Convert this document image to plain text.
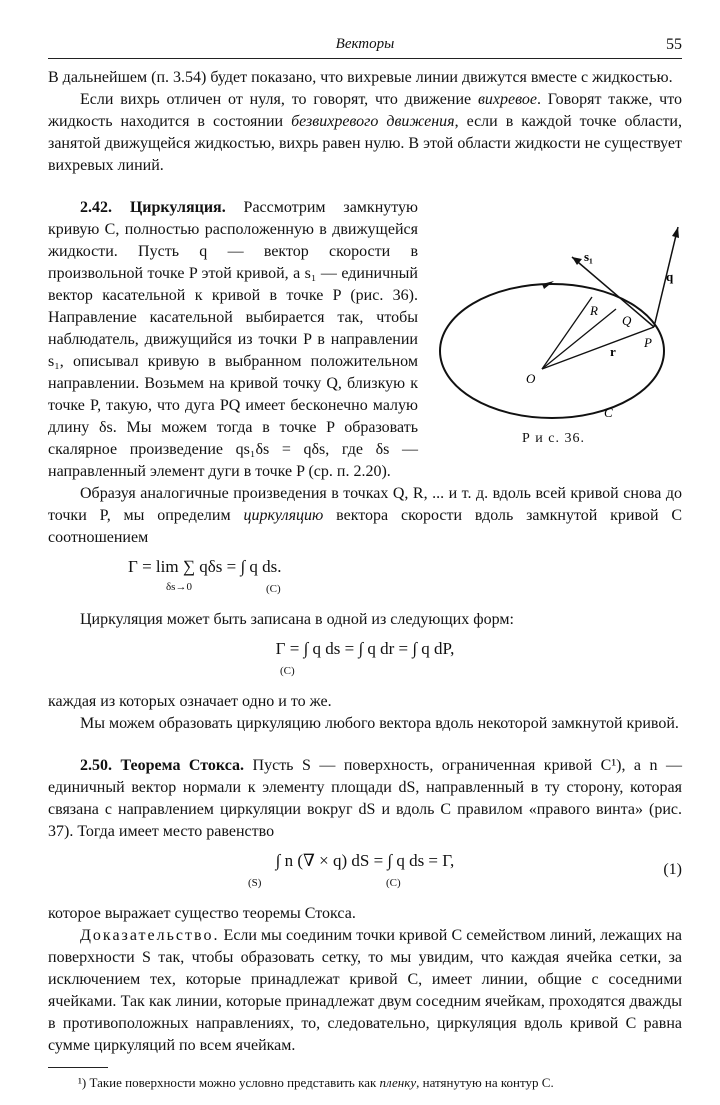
Векторы	55

В дальнейшем (п. 3.54) будет показано, что вихревые линии движутся вместе с жидкостью.

Если вихрь отличен от нуля, то говорят, что движение вихревое. Говорят также, что жидкость находится в состоянии безвихревого движения, если в каждой точке области, занятой движущейся жидкостью, вихрь равен нулю. В этой области жидкости не существует вихревых линий.

s₁
q
R
Q
P
r
O
C
Р и с. 36.

2.42. Циркуляция. Рассмотрим замкнутую кривую C, полностью расположенную в движущейся жидкости. Пусть q — вектор скорости в произвольной точке P этой кривой, а s₁ — единичный вектор касательной к кривой в точке P (рис. 36). Направление касательной выбирается так, чтобы наблюдатель, движущийся из точки P в направлении s₁, описывал кривую в выбранном положительном направлении. Возьмем на кривой точку Q, близкую к точке P, такую, что дуга PQ имеет бесконечно малую длину δs. Мы можем тогда в точке P образовать скалярное произведение qs₁δs = qδs, где δs — направленный элемент дуги в точке P (ср. п. 2.20).

Образуя аналогичные произведения в точках Q, R, ... и т. д. вдоль всей кривой снова до точки P, мы определим циркуляцию вектора скорости вдоль замкнутой кривой C соотношением

Γ = lim
δs→0
∑ qδs = ∫ q ds.
(C)

Циркуляция может быть записана в одной из следующих форм:

Γ = ∫ q ds = ∫ q dr = ∫ q dP,
(C)

каждая из которых означает одно и то же.

Мы можем образовать циркуляцию любого вектора вдоль некоторой замкнутой кривой.

2.50. Теорема Стокса. Пусть S — поверхность, ограниченная кривой C¹), а n — единичный вектор нормали к элементу площади dS, направленный в ту сторону, которая связана с направлением циркуляции вокруг dS и вдоль C правилом «правого винта» (рис. 37). Тогда имеет место равенство

∫ n (∇ × q) dS = ∫ q ds = Γ,
(S)	(C)
(1)

которое выражает существо теоремы Стокса.

Доказательство. Если мы соединим точки кривой C семейством линий, лежащих на поверхности S так, чтобы образовать сетку, то мы увидим, что каждая ячейка сетки, за исключением тех, которые принадлежат кривой C, имеет линии, общие с соседними ячейками. Так как линии, которые принадлежат двум соседним ячейкам, проходятся дважды в противоположных направлениях, то, следовательно, циркуляция вдоль кривой C равна сумме циркуляций по всем ячейкам.

¹) Такие поверхности можно условно представить как пленку, натянутую на контур C.
